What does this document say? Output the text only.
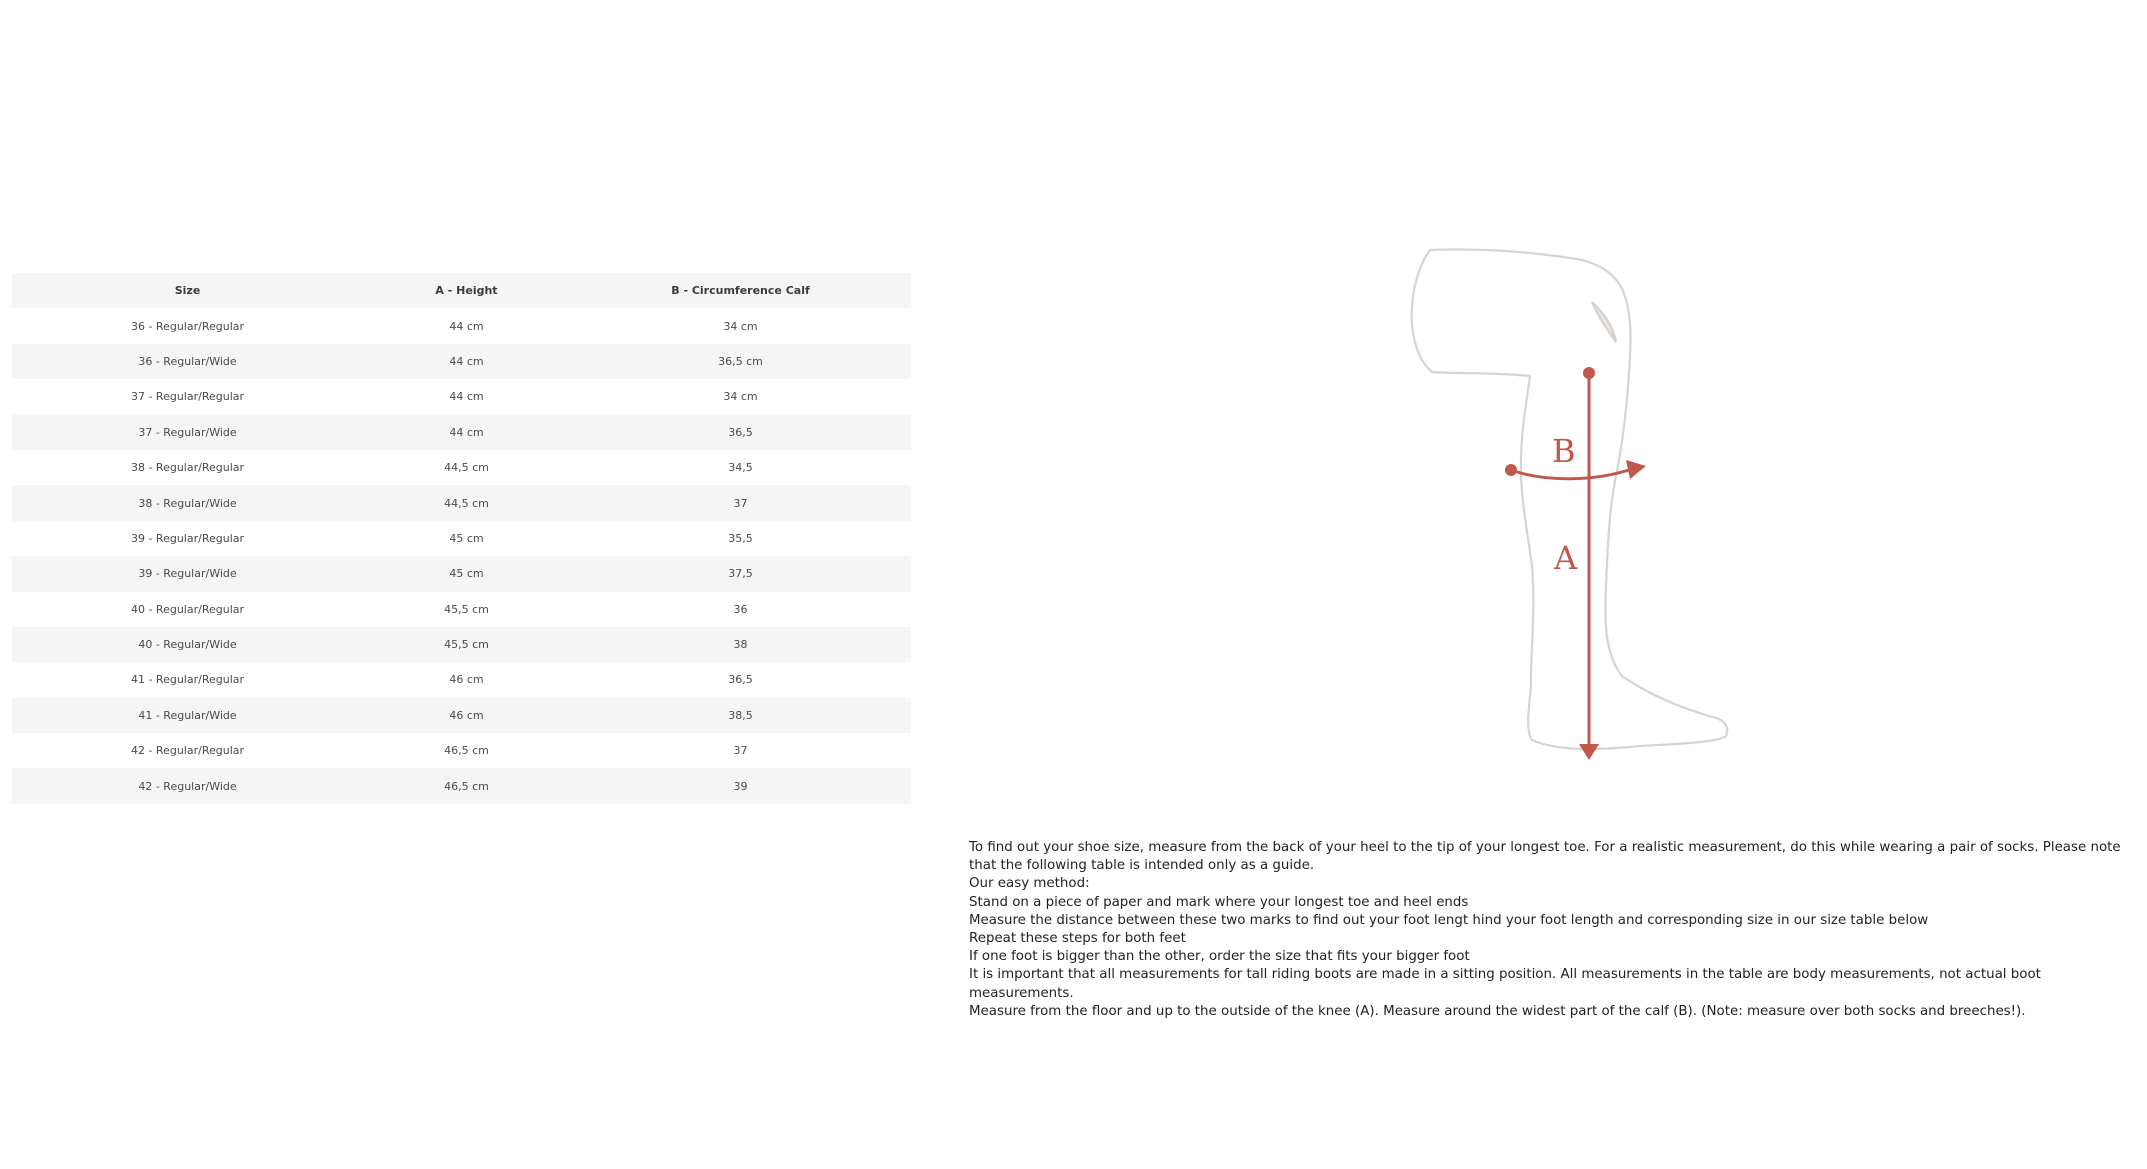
Size	A - Height	B - Circumference Calf
36 - Regular/Regular	44 cm	34 cm
36 - Regular/Wide	44 cm	36,5 cm
37 - Regular/Regular	44 cm	34 cm
37 - Regular/Wide	44 cm	36,5
38 - Regular/Regular	44,5 cm	34,5
38 - Regular/Wide	44,5 cm	37
39 - Regular/Regular	45 cm	35,5
39 - Regular/Wide	45 cm	37,5
40 - Regular/Regular	45,5 cm	36
40 - Regular/Wide	45,5 cm	38
41 - Regular/Regular	46 cm	36,5
41 - Regular/Wide	46 cm	38,5
42 - Regular/Regular	46,5 cm	37
42 - Regular/Wide	46,5 cm	39
B
A

To find out your shoe size, measure from the back of your heel to the tip of your longest toe. For a realistic measurement, do this while wearing a pair of socks. Please note that the following table is intended only as a guide.

Our easy method:

Stand on a piece of paper and mark where your longest toe and heel ends

Measure the distance between these two marks to find out your foot lengt hind your foot length and corresponding size in our size table below

Repeat these steps for both feet

If one foot is bigger than the other, order the size that fits your bigger foot

It is important that all measurements for tall riding boots are made in a sitting position. All measurements in the table are body measurements, not actual boot measurements.

Measure from the floor and up to the outside of the knee (A). Measure around the widest part of the calf (B). (Note: measure over both socks and breeches!).
